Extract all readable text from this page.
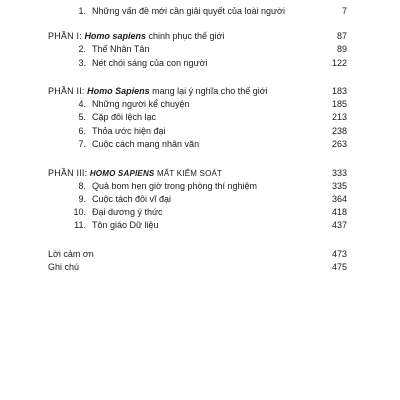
1. Những vấn đề mới cần giải quyết của loài người	7
PHẦN I: Homo sapiens chinh phục thế giới	87
2. Thế Nhân Tân	89
3. Nét chói sáng của con người	122
PHẦN II: Homo Sapiens mang lại ý nghĩa cho thế giới	183
4. Những người kể chuyện	185
5. Cặp đôi lệch lạc	213
6. Thỏa ước hiện đại	238
7. Cuộc cách mạng nhân văn	263
PHẦN III: HOMO SAPIENS MẤT KIỂM SOÁT	333
8. Quả bom hẹn giờ trong phòng thí nghiệm	335
9. Cuộc tách đôi vĩ đại	364
10. Đại dương ý thức	418
11. Tôn giáo Dữ liệu	437
Lời cảm ơn	473
Ghi chú	475
